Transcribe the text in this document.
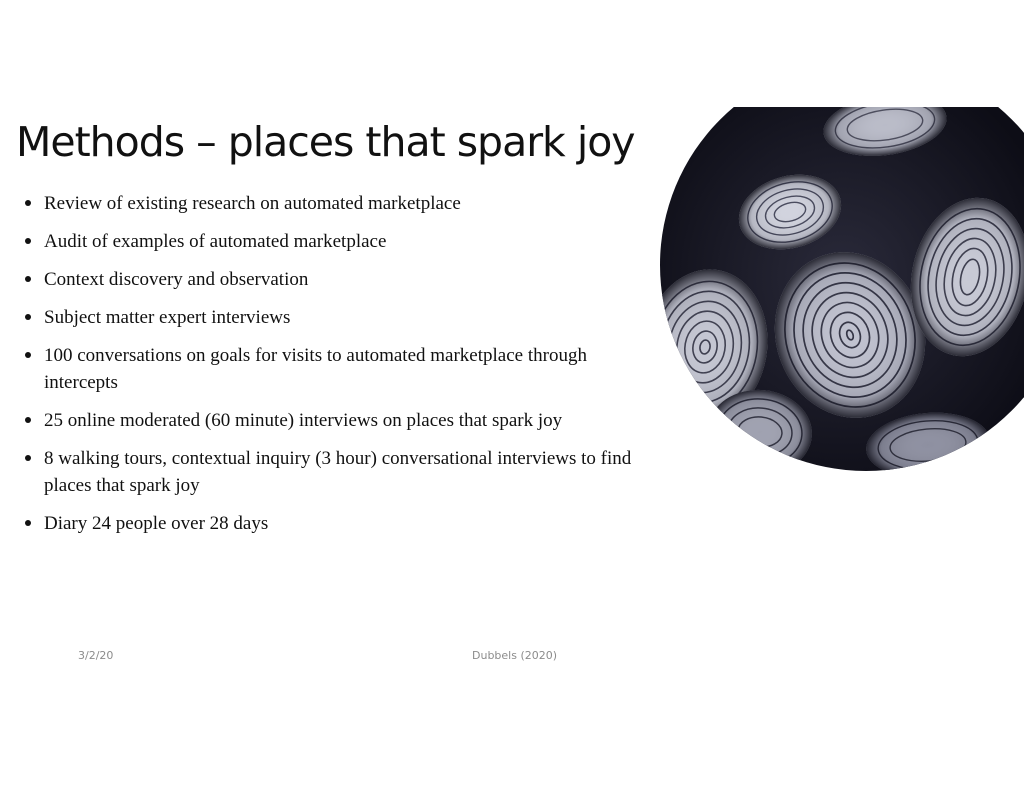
Methods – places that spark joy
Review of existing research on automated marketplace
Audit of examples of automated marketplace
Context discovery and observation
Subject matter expert interviews
100 conversations on goals for visits to automated marketplace through intercepts
25 online moderated (60 minute) interviews on places that spark joy
8 walking tours, contextual inquiry (3 hour) conversational interviews to find places that spark joy
Diary 24 people over 28 days
3/2/20	Dubbels (2020)
